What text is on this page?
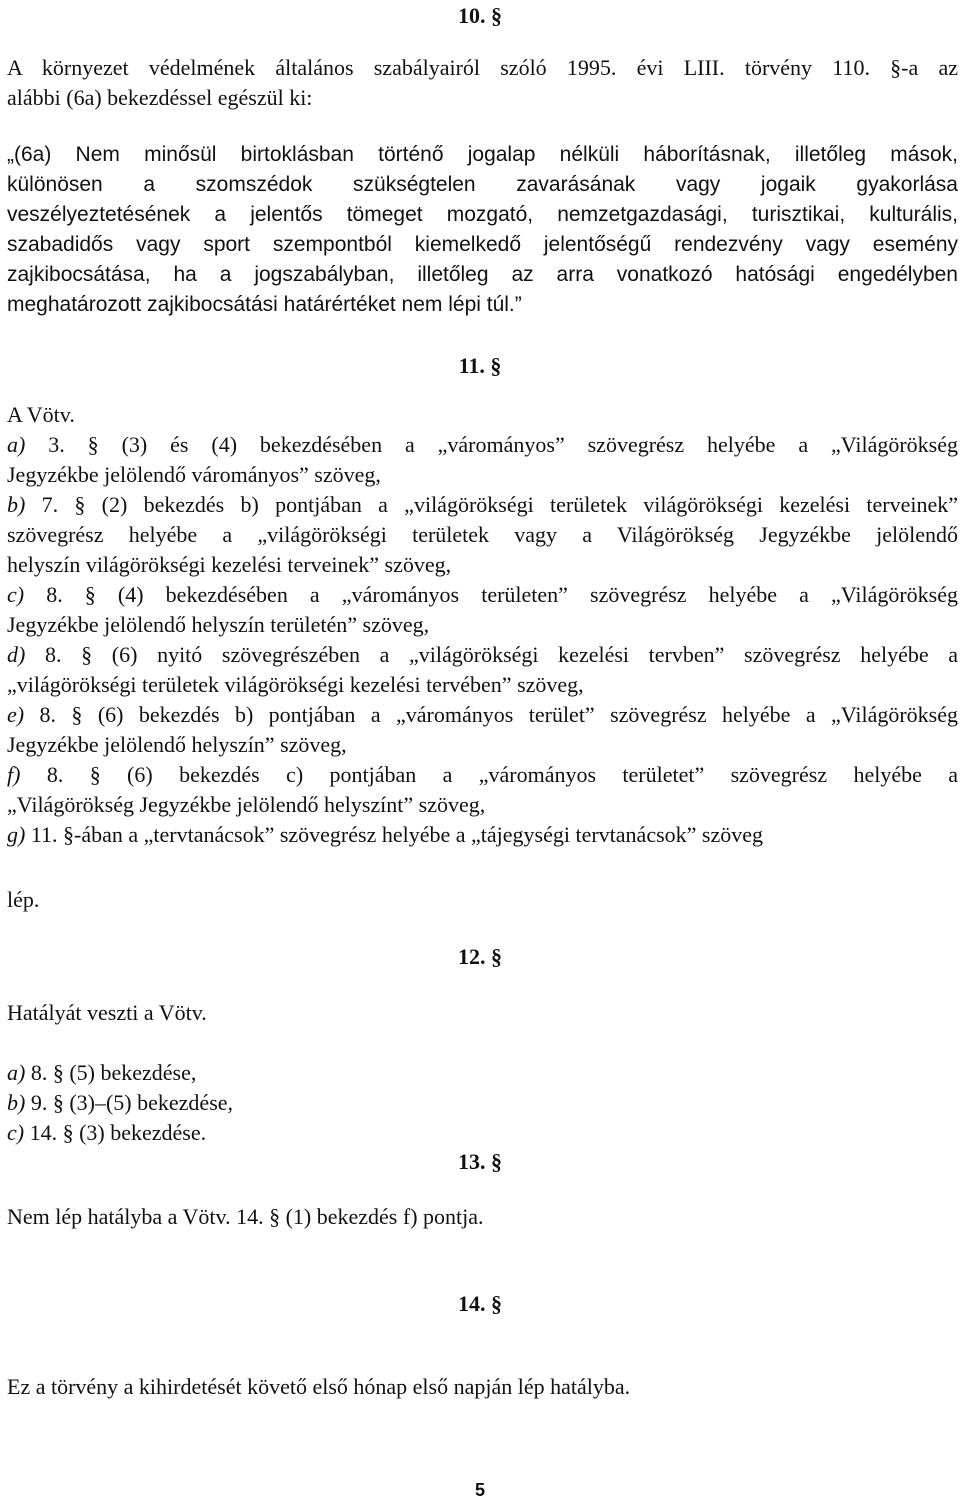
10. §
A környezet védelmének általános szabályairól szóló 1995. évi LIII. törvény 110. §-a az
alábbi (6a) bekezdéssel egészül ki:
„(6a) Nem minősül birtoklásban történő jogalap nélküli háborításnak, illetőleg mások,
különösen a szomszédok szükségtelen zavarásának vagy jogaik gyakorlása
veszélyeztetésének a jelentős tömeget mozgató, nemzetgazdasági, turisztikai, kulturális,
szabadidős vagy sport szempontból kiemelkedő jelentőségű rendezvény vagy esemény
zajkibocsátása, ha a jogszabályban, illetőleg az arra vonatkozó hatósági engedélyben
meghatározott zajkibocsátási határértéket nem lépi túl.”
11. §
A Vötv.
a) 3. § (3) és (4) bekezdésében a „várományos” szövegrész helyébe a „Világörökség
Jegyzékbe jelölendő várományos” szöveg,
b) 7. § (2) bekezdés b) pontjában a „világörökségi területek világörökségi kezelési terveinek”
szövegrész helyébe a „világörökségi területek vagy a Világörökség Jegyzékbe jelölendő
helyszín világörökségi kezelési terveinek” szöveg,
c) 8. § (4) bekezdésében a „várományos területen” szövegrész helyébe a „Világörökség
Jegyzékbe jelölendő helyszín területén” szöveg,
d) 8. § (6) nyitó szövegrészében a „világörökségi kezelési tervben” szövegrész helyébe a
„világörökségi területek világörökségi kezelési tervében” szöveg,
e) 8. § (6) bekezdés b) pontjában a „várományos terület” szövegrész helyébe a „Világörökség
Jegyzékbe jelölendő helyszín” szöveg,
f) 8. § (6) bekezdés c) pontjában a „várományos területet” szövegrész helyébe a
„Világörökség Jegyzékbe jelölendő helyszínt” szöveg,
g) 11. §-ában a „tervtanácsok” szövegrész helyébe a „tájegységi tervtanácsok” szöveg
lép.
12. §
Hatályát veszti a Vötv.
a) 8. § (5) bekezdése,
b) 9. § (3)–(5) bekezdése,
c) 14. § (3) bekezdése.
13. §
Nem lép hatályba a Vötv. 14. § (1) bekezdés f) pontja.
14. §
Ez a törvény a kihirdetését követő első hónap első napján lép hatályba.
5
